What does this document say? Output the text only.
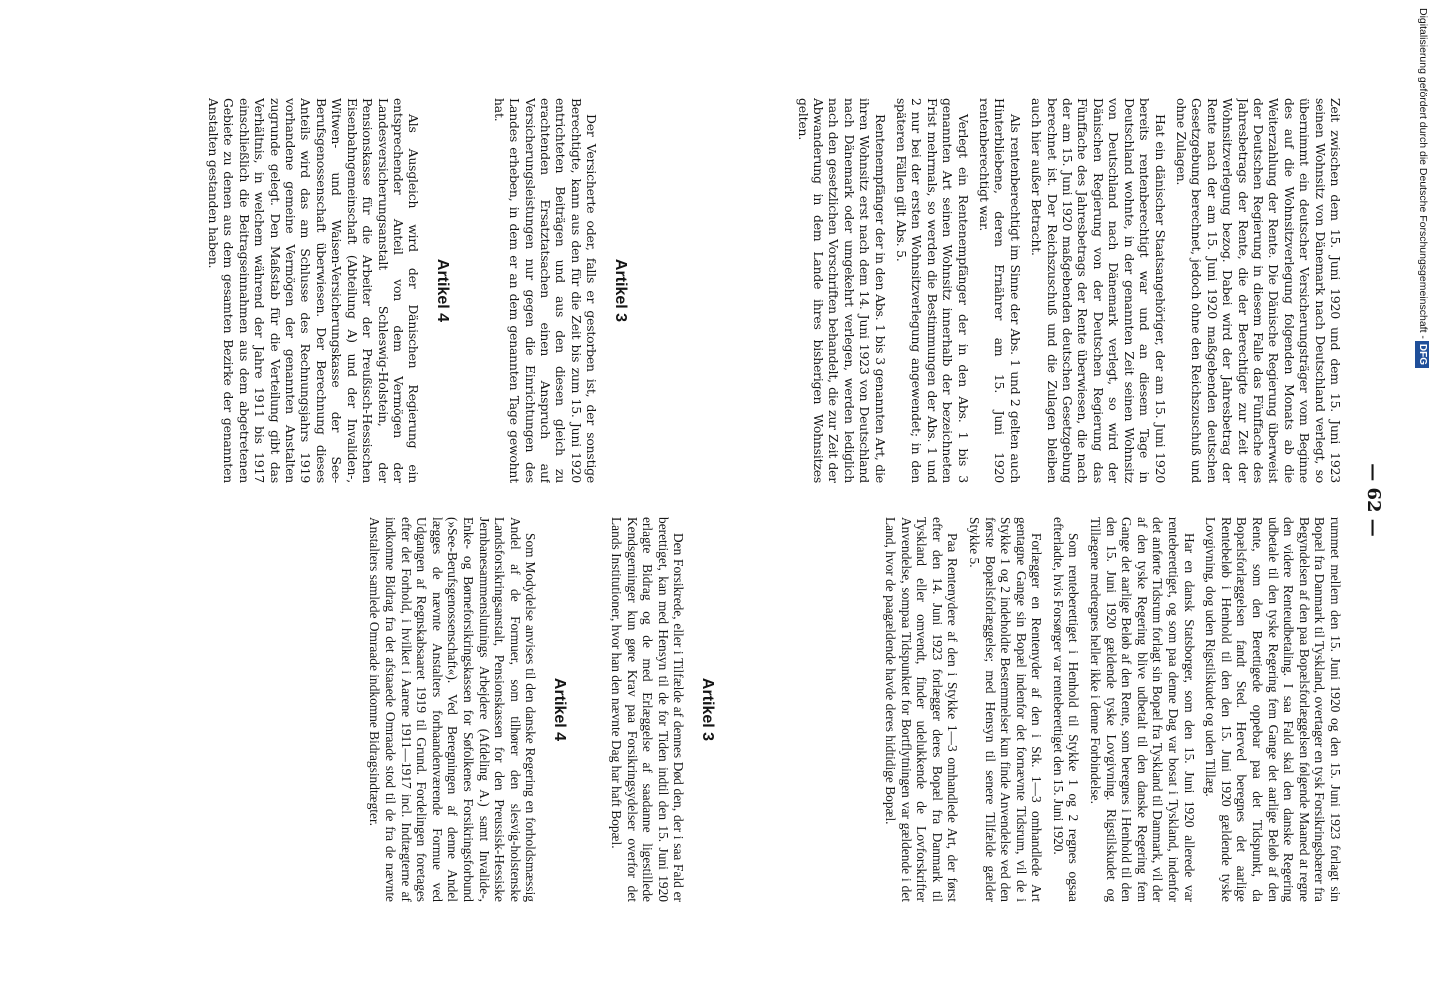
— 62 —

Zeit zwischen dem 15. Juni 1920 und dem 15. Juni 1923 seinen Wohnsitz von Dänemark nach Deutschland verlegt, so übernimmt ein deutscher Versicherungsträger vom Beginne des auf die Wohnsitzverlegung folgenden Monats ab die Weiterzahlung der Rente. Die Dänische Regierung überweist der Deutschen Regierung in diesem Falle das Fünffache des Jahresbetrags der Rente, die der Berechtigte zur Zeit der Wohnsitzverlegung bezog. Dabei wird der Jahresbetrag der Rente nach der am 15. Juni 1920 maßgebenden deutschen Gesetzgebung berechnet, jedoch ohne den Reichszuschuß und ohne Zulagen.

Hat ein dänischer Staatsangehöriger, der am 15. Juni 1920 bereits rentenberechtigt war und an diesem Tage in Deutschland wohnte, in der genannten Zeit seinen Wohnsitz von Deutschland nach Dänemark verlegt, so wird der Dänischen Regierung von der Deutschen Regierung das Fünffache des Jahresbetrags der Rente überwiesen, die nach der am 15. Juni 1920 maßgebenden deutschen Gesetzgebung berechnet ist. Der Reichszuschuß und die Zulagen bleiben auch hier außer Betracht.

Als rentenberechtigt im Sinne der Abs. 1 und 2 gelten auch Hinterbliebene, deren Ernährer am 15. Juni 1920 rentenberechtigt war.

Verlegt ein Rentenempfänger der in den Abs. 1 bis 3 genannten Art seinen Wohnsitz innerhalb der bezeichneten Frist mehrmals, so werden die Bestimmungen der Abs. 1 und 2 nur bei der ersten Wohnsitzverlegung angewendet; in den späteren Fällen gilt Abs. 5.

Rentenempfänger der in den Abs. 1 bis 3 genannten Art, die ihren Wohnsitz erst nach dem 14. Juni 1923 von Deutschland nach Dänemark oder umgekehrt verlegen, werden lediglich nach den gesetzlichen Vorschriften behandelt, die zur Zeit der Abwanderung in dem Lande ihres bisherigen Wohnsitzes gelten.

Artikel 3

Der Versicherte oder, falls er gestorben ist, der sonstige Berechtigte, kann aus den für die Zeit bis zum 15. Juni 1920 entrichteten Beiträgen und aus den diesen gleich zu erachtenden Ersatztatsachen einen Anspruch auf Versicherungsleistungen nur gegen die Einrichtungen des Landes erheben, in dem er an dem genannten Tage gewohnt hat.

Artikel 4

Als Ausgleich wird der Dänischen Regierung ein entsprechender Anteil von dem Vermögen der Landesversicherungsanstalt Schleswig-Holstein, der Pensionskasse für die Arbeiter der Preußisch-Hessischen Eisenbahngemeinschaft (Abteilung A) und der Invaliden-, Witwen- und Waisen-Versicherungskasse der See-Berufsgenossenschaft überwiesen. Der Berechnung dieses Anteils wird das am Schlusse des Rechnungsjahrs 1919 vorhandene gemeine Vermögen der genannten Anstalten zugrunde gelegt. Den Maßstab für die Verteilung gibt das Verhältnis, in welchem während der Jahre 1911 bis 1917 einschließlich die Beitragseinnahmen aus dem abgetretenen Gebiete zu denen aus dem gesamten Bezirke der genannten Anstalten gestanden haben.

rummet mellem den 15. Juni 1920 og den 15. Juni 1923 forlagt sin Bopæl fra Danmark til Tyskland, overtager en tysk Forsikringsbærer fra Begyndelsen af den paa Bopælsforlæggelsen følgende Maaned at regne den videre Renteudbetaling. I saa Fald skal den danske Regering udbetale til den tyske Regering fem Gange det aarlige Beløb af den Rente, som den Berettigede oppebar paa det Tidspunkt, da Bopælsforlæggelsen fandt Sted. Herved beregnes det aarlige Rentebeløb i Henhold til den den 15. Juni 1920 gældende tyske Lovgivning, dog uden Rigstilskudet og uden Tillæg.

Har en dansk Statsborger, som den 15. Juni 1920 allerede var renteberettiget, og som paa denne Dag var bosat i Tyskland, indenfor det anførte Tidsrum forlagt sin Bopæl fra Tyskland til Danmark, vil der af den tyske Regering blive udbetalt til den danske Regering fem Gange det aarlige Beløb af den Rente, som beregnes i Henhold til den den 15. Juni 1920 gældende tyske Lovgivning. Rigstilskudet og Tillægene medregnes heller ikke i denne Forbindelse.

Som renteberettiget i Henhold til Stykke 1 og 2 regnes ogsaa efterladte, hvis Forsørger var renteberettiget den 15. Juni 1920.

Forlægger en Rentenyder af den i Stk. 1—3 omhandlede Art gentagne Gange sin Bopæl indenfor det fornævnte Tidsrum, vil de i Stykke 1 og 2 indeholdte Bestemmelser kun finde Anvendelse ved den første Bopælsforlæggelse; med Hensyn til senere Tilfælde gælder Stykke 5.

Paa Rentenydere af den i Stykke 1—3 omhandlede Art, der først efter den 14. Juni 1923 forlægger deres Bopæl fra Danmark til Tyskland eller omvendt, finder udelukkende de Lovforskrifter Anvendelse, sompaa Tidspunktet for Bortflytningen var gældende i det Land, hvor de paagældende havde deres hidtidige Bopæl.

Artikel 3

Den Forsikrede, eller i Tilfælde af dennes Død den, der i saa Fald er berettiget, kan med Hensyn til de for Tiden indtil den 15. Juni 1920 erlagte Bidrag og de med Erlæggelse af saadanne ligestillede Kendsgerninger kun gøre Krav paa Forsikringsydelser overfor det Lands Institutioner, hvor han den nævnte Dag har haft Bopæl.

Artikel 4

Som Modydelse anvises til den danske Regering en forholdsmæssig Andel af de Formuer, som tilhører den slesvig-holstenske Landsforsikringsanstalt, Pensionskassen for den Preussisk-Hessiske Jernbanesammenslutnings Arbejdere (Afdeling A.) samt Invalide-, Enke- og Børneforsikringskassen for Søfolkenes Forsikringsforbund (»See-Berufsgenossenschaft«). Ved Beregningen af denne Andel lægges de nævnte Anstalters forhaandenværende Formue ved Udgangen af Regnskabsaaret 1919 til Grund. Fordelingen foretages efter det Forhold, i hvilket i Aarene 1911—1917 incl. Indtægterne af indkomne Bidrag fra det afstaaede Omraade stod til de fra de nævnte Anstalters samlede Omraade indkomne Bidragsindtægter.

Digitalisierung gefördert durch die Deutsche Forschungsgemeinschaft -DFG
